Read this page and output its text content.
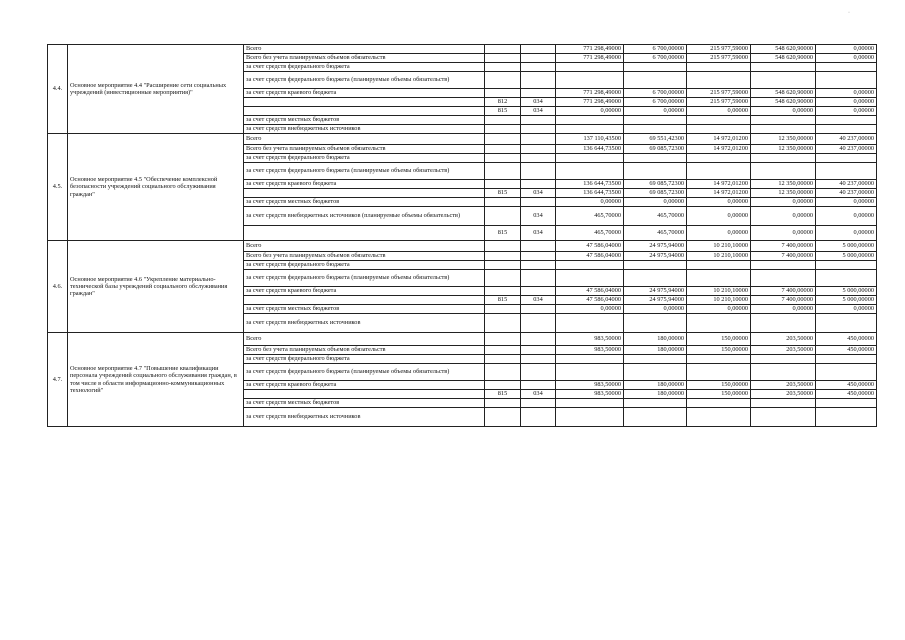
·
4.4.	Основное мероприятие 4.4 "Расширение сети социальных учреждений (инвестиционные мероприятия)"	Всего			771 298,49000	6 700,00000	215 977,59000	548 620,90000	0,00000
		Всего без учета планируемых объемов обязательств			771 298,49000	6 700,00000	215 977,59000	548 620,90000	0,00000
		за счет средств федерального бюджета							
		за счет средств федерального бюджета (планируемые объемы обязательств)							
		за счет средств краевого бюджета			771 298,49000	6 700,00000	215 977,59000	548 620,90000	0,00000
			812	034	771 298,49000	6 700,00000	215 977,59000	548 620,90000	0,00000
			815	034	0,00000	0,00000	0,00000	0,00000	0,00000
		за счет средств местных бюджетов							
		за счет средств внебюджетных источников							
4.5.	Основное мероприятие 4.5 "Обеспечение комплексной безопасности учреждений социального обслуживания граждан"	Всего			137 110,43500	69 551,42300	14 972,01200	12 350,00000	40 237,00000
		Всего без учета планируемых объемов обязательств			136 644,73500	69 085,72300	14 972,01200	12 350,00000	40 237,00000
		за счет средств федерального бюджета							
		за счет средств федерального бюджета (планируемые объемы обязательств)							
		за счет средств краевого бюджета			136 644,73500	69 085,72300	14 972,01200	12 350,00000	40 237,00000
			815	034	136 644,73500	69 085,72300	14 972,01200	12 350,00000	40 237,00000
		за счет средств местных бюджетов			0,00000	0,00000	0,00000	0,00000	0,00000
		за счет средств внебюджетных источников (планируемые объемы обязательств)		034	465,70000	465,70000	0,00000	0,00000	0,00000
			815	034	465,70000	465,70000	0,00000	0,00000	0,00000
4.6.	Основное мероприятие 4.6 "Укрепление материально-технической базы учреждений социального обслуживания граждан"	Всего			47 586,04000	24 975,94000	10 210,10000	7 400,00000	5 000,00000
		Всего без учета планируемых объемов обязательств			47 586,04000	24 975,94000	10 210,10000	7 400,00000	5 000,00000
		за счет средств федерального бюджета							
		за счет средств федерального бюджета (планируемые объемы обязательств)							
		за счет средств краевого бюджета			47 586,04000	24 975,94000	10 210,10000	7 400,00000	5 000,00000
			815	034	47 586,04000	24 975,94000	10 210,10000	7 400,00000	5 000,00000
		за счет средств местных бюджетов			0,00000	0,00000	0,00000	0,00000	0,00000
		за счет средств внебюджетных источников							
4.7.	Основное мероприятие 4.7 "Повышение квалификации персонала учреждений социального обслуживания граждан, в том числе в области информационно-коммуникационных технологий"	Всего			983,50000	180,00000	150,00000	203,50000	450,00000
		Всего без учета планируемых объемов обязательств			983,50000	180,00000	150,00000	203,50000	450,00000
		за счет средств федерального бюджета							
		за счет средств федерального бюджета (планируемые объемы обязательств)							
		за счет средств краевого бюджета			983,50000	180,00000	150,00000	203,50000	450,00000
			815	034	983,50000	180,00000	150,00000	203,50000	450,00000
		за счет средств местных бюджетов							
		за счет средств внебюджетных источников							
